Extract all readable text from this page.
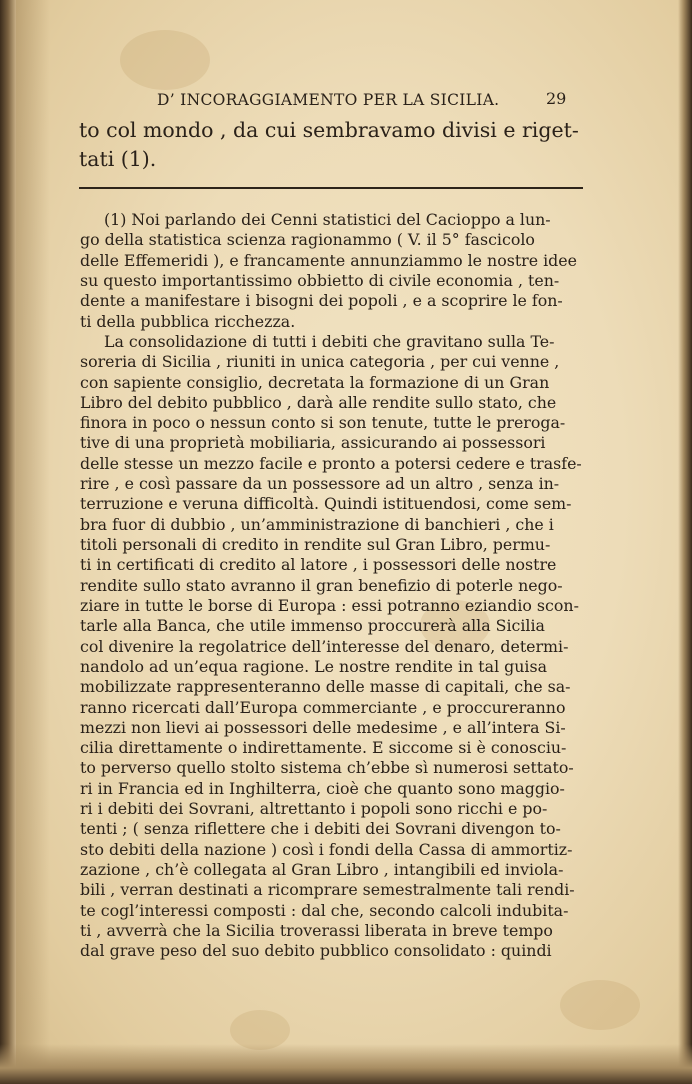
D’ INCORAGGIAMENTO PER LA SICILIA.	29
to col mondo , da cui sembravamo divisi e riget-
tati (1).
(1) Noi parlando dei Cenni statistici del Cacioppo a lun-
go della statistica scienza ragionammo ( V. il 5° fascicolo
delle Effemeridi ), e francamente annunziammo le nostre idee
su questo importantissimo obbietto di civile economia , ten-
dente a manifestare i bisogni dei popoli , e a scoprire le fon-
ti della pubblica ricchezza.
La consolidazione di tutti i debiti che gravitano sulla Te-
soreria di Sicilia , riuniti in unica categoria , per cui venne ,
con sapiente consiglio, decretata la formazione di un Gran
Libro del debito pubblico , darà alle rendite sullo stato, che
finora in poco o nessun conto si son tenute, tutte le prerogа-
tive di una proprietà mobiliaria, assicurando ai possessori
delle stesse un mezzo facile e pronto a potersi cedere e trasfe-
rire , e così passare da un possessore ad un altro , senza in-
terruzione e veruna difficoltà. Quindi istituendosi, come sem-
bra fuor di dubbio , un’amministrazione di banchieri , che i
titoli personali di credito in rendite sul Gran Libro, permu-
ti in certificati di credito al latore , i possessori delle nostre
rendite sullo stato avranno il gran benefizio di poterle nego-
ziare in tutte le borse di Europa : essi potranno eziandio scon-
tarle alla Banca, che utile immenso proccurerà alla Sicilia
col divenire la regolatrice dell’interesse del denaro, determi-
nandolo ad un’equa ragione. Le nostre rendite in tal guisa
mobilizzate rappresenteranno delle masse di capitali, che sa-
ranno ricercati dall’Europa commerciante , e proccureranno
mezzi non lievi ai possessori delle medesime , e all’intera Si-
cilia direttamente o indirettamente. E siccome si è conosciu-
to perverso quello stolto sistema ch’ebbe sì numerosi settato-
ri in Francia ed in Inghilterra, cioè che quanto sono maggio-
ri i debiti dei Sovrani, altrettanto i popoli sono ricchi e po-
tenti ; ( senza riflettere che i debiti dei Sovrani divengon to-
sto debiti della nazione ) così i fondi della Cassa di ammortiz-
zazione , ch’è collegata al Gran Libro , intangibili ed inviola-
bili , verran destinati a ricomprare semestralmente tali rendi-
te cogl’interessi composti : dal che, secondo calcoli indubita-
ti , avverrà che la Sicilia troverassi liberata in breve tempo
dal grave peso del suo debito pubblico consolidato : quindi
